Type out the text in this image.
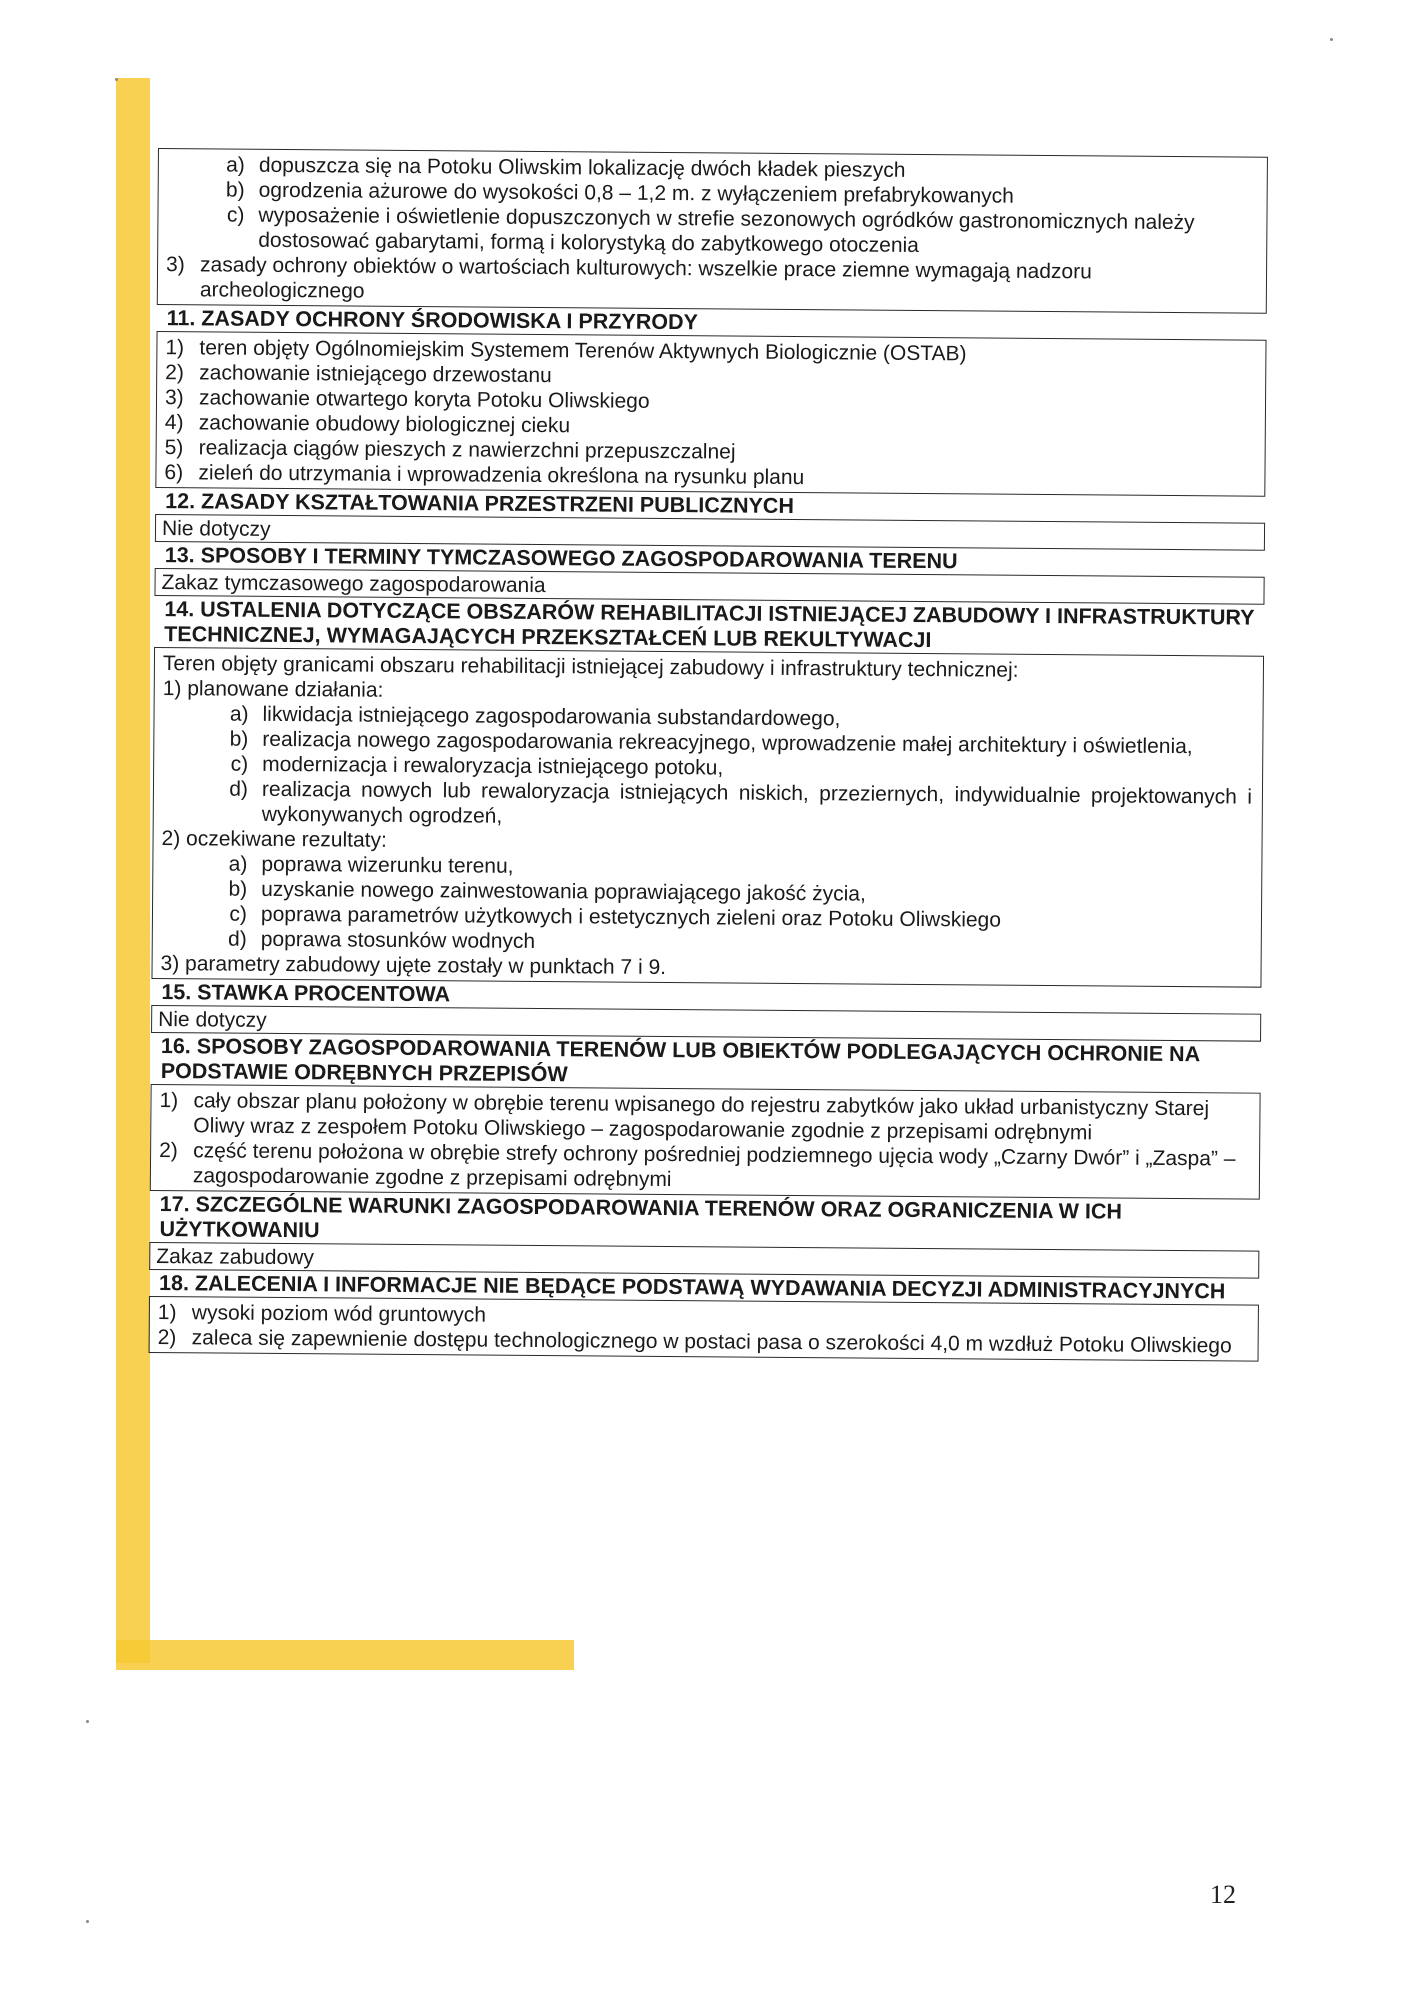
a) dopuszcza się na Potoku Oliwskim lokalizację dwóch kładek pieszych
b) ogrodzenia ażurowe do wysokości 0,8 – 1,2 m. z wyłączeniem prefabrykowanych
c) wyposażenie i oświetlenie dopuszczonych w strefie sezonowych ogródków gastronomicznych należy dostosować gabarytami, formą i kolorystyką do zabytkowego otoczenia
3) zasady ochrony obiektów o wartościach kulturowych: wszelkie prace ziemne wymagają nadzoru archeologicznego
11. ZASADY OCHRONY ŚRODOWISKA I PRZYRODY
1) teren objęty Ogólnomiejskim Systemem Terenów Aktywnych Biologicznie (OSTAB)
2) zachowanie istniejącego drzewostanu
3) zachowanie otwartego koryta Potoku Oliwskiego
4) zachowanie obudowy biologicznej cieku
5) realizacja ciągów pieszych z nawierzchni przepuszczalnej
6) zieleń do utrzymania i wprowadzenia określona na rysunku planu
12. ZASADY KSZTAŁTOWANIA PRZESTRZENI PUBLICZNYCH
Nie dotyczy
13. SPOSOBY I TERMINY TYMCZASOWEGO ZAGOSPODAROWANIA TERENU
Zakaz tymczasowego zagospodarowania
14. USTALENIA DOTYCZĄCE OBSZARÓW REHABILITACJI ISTNIEJĄCEJ ZABUDOWY I INFRASTRUKTURY TECHNICZNEJ, WYMAGAJĄCYCH PRZEKSZTAŁCEŃ LUB REKULTYWACJI
Teren objęty granicami obszaru rehabilitacji istniejącej zabudowy i infrastruktury technicznej:
1) planowane działania:
a) likwidacja istniejącego zagospodarowania substandardowego,
b) realizacja nowego zagospodarowania rekreacyjnego, wprowadzenie małej architektury i oświetlenia,
c) modernizacja i rewaloryzacja istniejącego potoku,
d) realizacja nowych lub rewaloryzacja istniejących niskich, przeziernych, indywidualnie projektowanych i wykonywanych ogrodzeń,
2) oczekiwane rezultaty:
a) poprawa wizerunku terenu,
b) uzyskanie nowego zainwestowania poprawiającego jakość życia,
c) poprawa parametrów użytkowych i estetycznych zieleni oraz Potoku Oliwskiego
d) poprawa stosunków wodnych
3) parametry zabudowy ujęte zostały w punktach 7 i 9.
15. STAWKA PROCENTOWA
Nie dotyczy
16. SPOSOBY ZAGOSPODAROWANIA TERENÓW LUB OBIEKTÓW PODLEGAJĄCYCH OCHRONIE NA PODSTAWIE ODRĘBNYCH PRZEPISÓW
1) cały obszar planu położony w obrębie terenu wpisanego do rejestru zabytków jako układ urbanistyczny Starej Oliwy wraz z zespołem Potoku Oliwskiego – zagospodarowanie zgodnie z przepisami odrębnymi
2) część terenu położona w obrębie strefy ochrony pośredniej podziemnego ujęcia wody „Czarny Dwór” i „Zaspa” – zagospodarowanie zgodne z przepisami odrębnymi
17. SZCZEGÓLNE WARUNKI ZAGOSPODAROWANIA TERENÓW ORAZ OGRANICZENIA W ICH UŻYTKOWANIU
Zakaz zabudowy
18. ZALECENIA I INFORMACJE NIE BĘDĄCE PODSTAWĄ WYDAWANIA DECYZJI ADMINISTRACYJNYCH
1) wysoki poziom wód gruntowych
2) zaleca się zapewnienie dostępu technologicznego w postaci pasa o szerokości 4,0 m wzdłuż Potoku Oliwskiego
12
